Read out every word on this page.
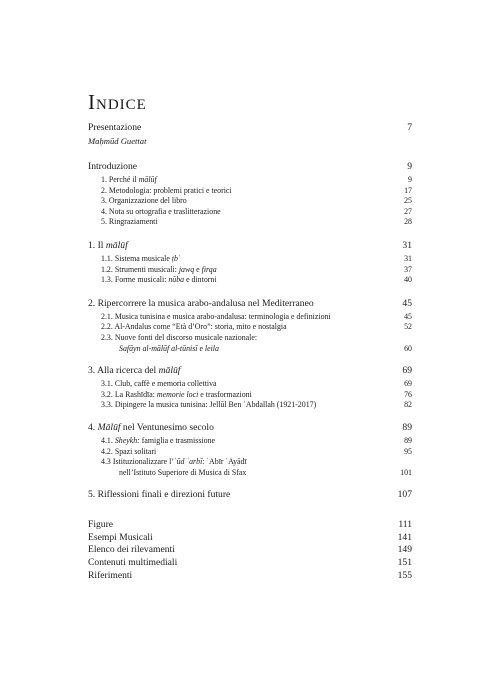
Indice
Presentazione	7
Maḥmūd Guettat
Introduzione	9
1. Perché il mālūf	9
2. Metodologia: problemi pratici e teorici	17
3. Organizzazione del libro	25
4. Nota su ortografia e traslitterazione	27
5. Ringraziamenti	28
1. Il mālūf	31
1.1. Sistema musicale ṭbʿ	31
1.2. Strumenti musicali: jawq e firqa	37
1.3. Forme musicali: nūba e dintorni	40
2. Ripercorrere la musica arabo-andalusa nel Mediterraneo	45
2.1. Musica tunisina e musica arabo-andalusa: terminologia e definizioni	45
2.2. Al-Andalus come “Età d’Oro”: storia, mito e nostalgia	52
2.3. Nuove fonti del discorso musicale nazionale:
Safāyn al-mālūf al-tūnisī e leila	60
3. Alla ricerca del mālūf	69
3.1. Club, caffè e memoria collettiva	69
3.2. La Rashīdīa: memorie loci e trasformazioni	76
3.3. Dipingere la musica tunisina: Jellūl Ben ʿAbdallah (1921-2017)	82
4. Mālūf nel Ventunesimo secolo	89
4.1. Sheykh: famiglia e trasmissione	89
4.2. Spazi solitari	95
4.3 Istituzionalizzare l’ʿūd ʿarbī: ʿAbīr ʿAyādī
nell’Istituto Superiore di Musica di Sfax	101
5. Riflessioni finali e direzioni future	107
Figure	111
Esempi Musicali	141
Elenco dei rilevamenti	149
Contenuti multimediali	151
Riferimenti	155
